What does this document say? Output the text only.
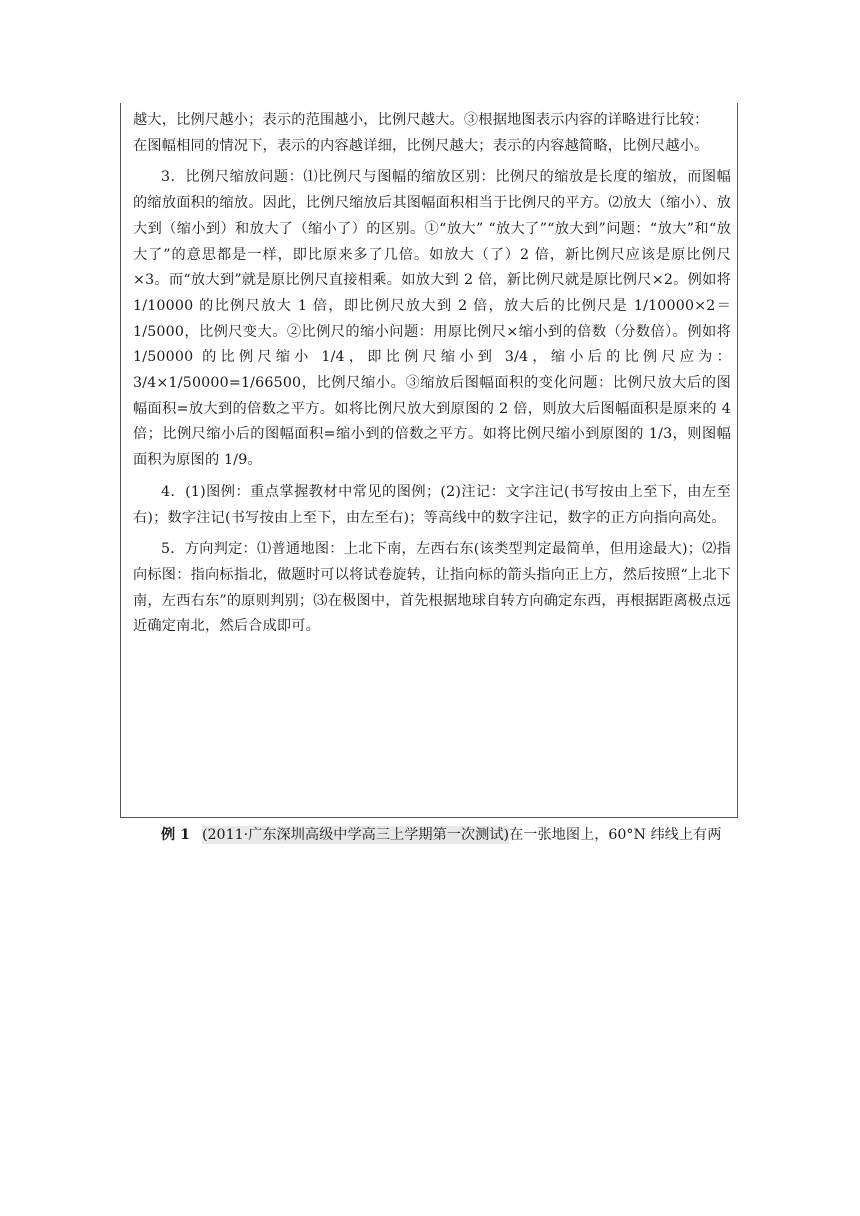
越大，比例尺越小；表示的范围越小，比例尺越大。③根据地图表示内容的详略进行比较：

在图幅相同的情况下，表示的内容越详细，比例尺越大；表示的内容越简略，比例尺越小。

3．比例尺缩放问题：⑴比例尺与图幅的缩放区别：比例尺的缩放是长度的缩放，而图幅的缩放面积的缩放。因此，比例尺缩放后其图幅面积相当于比例尺的平方。⑵放大（缩小）、放大到（缩小到）和放大了（缩小了）的区别。①“放大” “放大了”“放大到”问题：“放大”和“放大了”的意思都是一样，即比原来多了几倍。如放大（了）2 倍，新比例尺应该是原比例尺×3。而“放大到”就是原比例尺直接相乘。如放大到 2 倍，新比例尺就是原比例尺×2。例如将 1/10000 的比例尺放大 1 倍，即比例尺放大到 2 倍，放大后的比例尺是 1/10000×2＝1/5000，比例尺变大。②比例尺的缩小问题：用原比例尺×缩小到的倍数（分数倍）。例如将 1/50000 的比例尺缩小 1/4，即比例尺缩小到 3/4，缩小后的比例尺应为：3/4×1/50000=1/66500，比例尺缩小。③缩放后图幅面积的变化问题：比例尺放大后的图幅面积=放大到的倍数之平方。如将比例尺放大到原图的 2 倍，则放大后图幅面积是原来的 4 倍；比例尺缩小后的图幅面积=缩小到的倍数之平方。如将比例尺缩小到原图的 1/3，则图幅面积为原图的 1/9。

4．(1)图例：重点掌握教材中常见的图例；(2)注记：文字注记(书写按由上至下，由左至右)；数字注记(书写按由上至下，由左至右)；等高线中的数字注记，数字的正方向指向高处。

5．方向判定：⑴普通地图：上北下南，左西右东(该类型判定最简单，但用途最大)；⑵指向标图：指向标指北，做题时可以将试卷旋转，让指向标的箭头指向正上方，然后按照“上北下南，左西右东”的原则判别；⑶在极图中，首先根据地球自转方向确定东西，再根据距离极点远近确定南北，然后合成即可。

例 1 (2011·广东深圳高级中学高三上学期第一次测试)在一张地图上，60°N 纬线上有两
